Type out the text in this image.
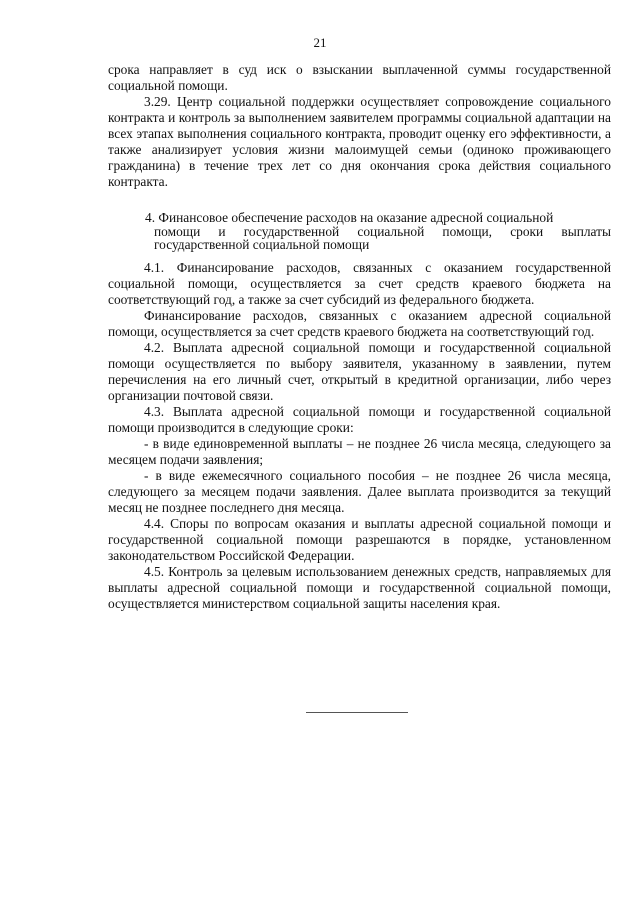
21

срока направляет в суд иск о взыскании выплаченной суммы государственной социальной помощи.

3.29. Центр социальной поддержки осуществляет сопровождение социального контракта и контроль за выполнением заявителем программы социальной адаптации на всех этапах выполнения социального контракта, проводит оценку его эффективности, а также анализирует условия жизни малоимущей семьи (одиноко проживающего гражданина) в течение трех лет со дня окончания срока действия социального контракта.

4. Финансовое обеспечение расходов на оказание адресной социальной
помощи и государственной социальной помощи, сроки выплаты государственной социальной помощи

4.1. Финансирование расходов, связанных с оказанием государственной социальной помощи, осуществляется за счет средств краевого бюджета на соответствующий год, а также за счет субсидий из федерального бюджета.

Финансирование расходов, связанных с оказанием адресной социальной помощи, осуществляется за счет средств краевого бюджета на соответствующий год.

4.2. Выплата адресной социальной помощи и государственной социальной помощи осуществляется по выбору заявителя, указанному в заявлении, путем перечисления на его личный счет, открытый в кредитной организации, либо через организации почтовой связи.

4.3. Выплата адресной социальной помощи и государственной социальной помощи производится в следующие сроки:

- в виде единовременной выплаты – не позднее 26 числа месяца, следующего за месяцем подачи заявления;

- в виде ежемесячного социального пособия – не позднее 26 числа месяца, следующего за месяцем подачи заявления. Далее выплата производится за текущий месяц не позднее последнего дня месяца.

4.4. Споры по вопросам оказания и выплаты адресной социальной помощи и государственной социальной помощи разрешаются в порядке, установленном законодательством Российской Федерации.

4.5. Контроль за целевым использованием денежных средств, направляемых для выплаты адресной социальной помощи и государственной социальной помощи, осуществляется министерством социальной защиты населения края.
